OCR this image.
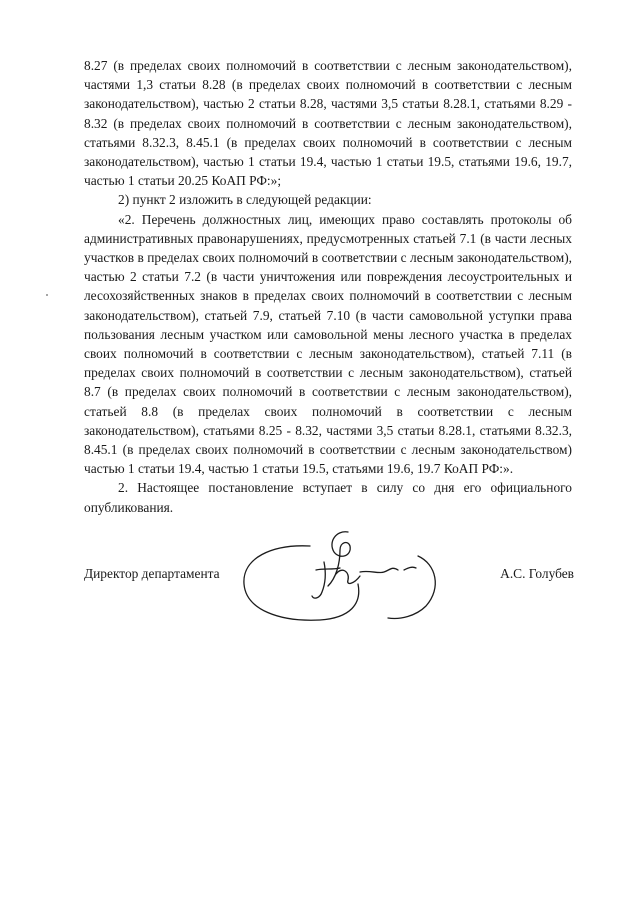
8.27 (в пределах своих полномочий в соответствии с лесным законодательством), частями 1,3 статьи 8.28 (в пределах своих полномочий в соответствии с лесным законодательством), частью 2 статьи 8.28, частями 3,5 статьи 8.28.1, статьями 8.29 - 8.32 (в пределах своих полномочий в соответствии с лесным законодательством), статьями 8.32.3, 8.45.1 (в пределах своих полномочий в соответствии с лесным законодательством), частью 1 статьи 19.4, частью 1 статьи 19.5, статьями 19.6, 19.7, частью 1 статьи 20.25 КоАП РФ:»;

2) пункт 2 изложить в следующей редакции:

«2. Перечень должностных лиц, имеющих право составлять протоколы об административных правонарушениях, предусмотренных статьей 7.1 (в части лесных участков в пределах своих полномочий в соответствии с лесным законодательством), частью 2 статьи 7.2 (в части уничтожения или повреждения лесоустроительных и лесохозяйственных знаков в пределах своих полномочий в соответствии с лесным законодательством), статьей 7.9, статьей 7.10 (в части самовольной уступки права пользования лесным участком или самовольной мены лесного участка в пределах своих полномочий в соответствии с лесным законодательством), статьей 7.11 (в пределах своих полномочий в соответствии с лесным законодательством), статьей 8.7 (в пределах своих полномочий в соответствии с лесным законодательством), статьей 8.8 (в пределах своих полномочий в соответствии с лесным законодательством), статьями 8.25 - 8.32, частями 3,5 статьи 8.28.1, статьями 8.32.3, 8.45.1 (в пределах своих полномочий в соответствии с лесным законодательством) частью 1 статьи 19.4, частью 1 статьи 19.5, статьями 19.6, 19.7 КоАП РФ:».

2. Настоящее постановление вступает в силу со дня его официального опубликования.

Директор департамента	А.С. Голубев
